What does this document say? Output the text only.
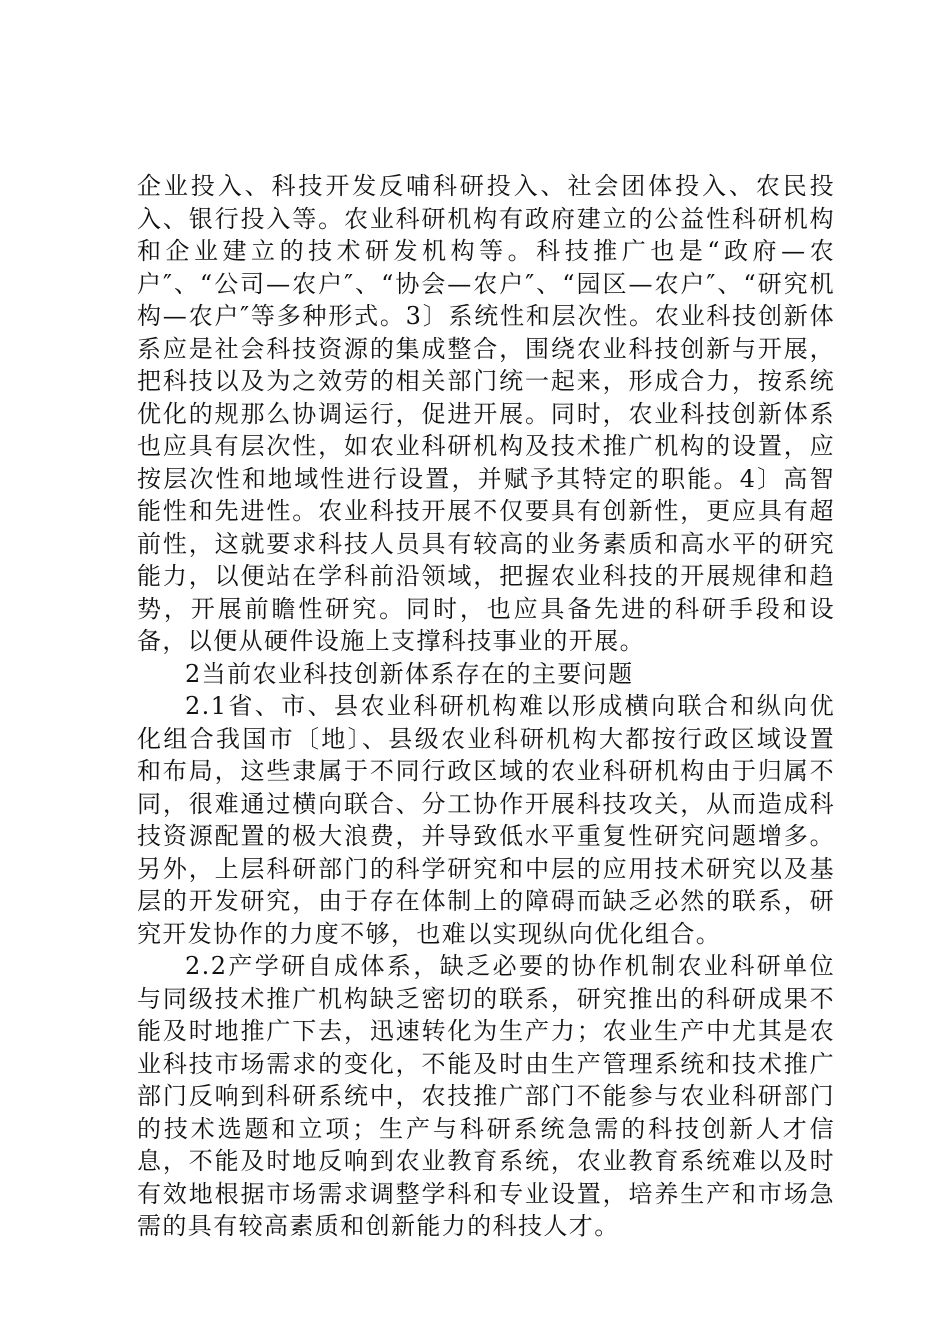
企业投入、科技开发反哺科研投入、社会团体投入、农民投入、银行投入等。农业科研机构有政府建立的公益性科研机构和企业建立的技术研发机构等。科技推广也是“政府—农户″、“公司—农户″、“协会—农户″、“园区—农户″、“研究机构—农户″等多种形式。3〕系统性和层次性。农业科技创新体系应是社会科技资源的集成整合，围绕农业科技创新与开展，把科技以及为之效劳的相关部门统一起来，形成合力，按系统优化的规那么协调运行，促进开展。同时，农业科技创新体系也应具有层次性，如农业科研机构及技术推广机构的设置，应按层次性和地域性进行设置，并赋予其特定的职能。4〕高智能性和先进性。农业科技开展不仅要具有创新性，更应具有超前性，这就要求科技人员具有较高的业务素质和高水平的研究能力，以便站在学科前沿领域，把握农业科技的开展规律和趋势，开展前瞻性研究。同时，也应具备先进的科研手段和设备，以便从硬件设施上支撑科技事业的开展。

2当前农业科技创新体系存在的主要问题

2.1省、市、县农业科研机构难以形成横向联合和纵向优化组合我国市〔地〕、县级农业科研机构大都按行政区域设置和布局，这些隶属于不同行政区域的农业科研机构由于归属不同，很难通过横向联合、分工协作开展科技攻关，从而造成科技资源配置的极大浪费，并导致低水平重复性研究问题增多。另外，上层科研部门的科学研究和中层的应用技术研究以及基层的开发研究，由于存在体制上的障碍而缺乏必然的联系，研究开发协作的力度不够，也难以实现纵向优化组合。

2.2产学研自成体系，缺乏必要的协作机制农业科研单位与同级技术推广机构缺乏密切的联系，研究推出的科研成果不能及时地推广下去，迅速转化为生产力；农业生产中尤其是农业科技市场需求的变化，不能及时由生产管理系统和技术推广部门反响到科研系统中，农技推广部门不能参与农业科研部门的技术选题和立项；生产与科研系统急需的科技创新人才信息，不能及时地反响到农业教育系统，农业教育系统难以及时有效地根据市场需求调整学科和专业设置，培养生产和市场急需的具有较高素质和创新能力的科技人才。
